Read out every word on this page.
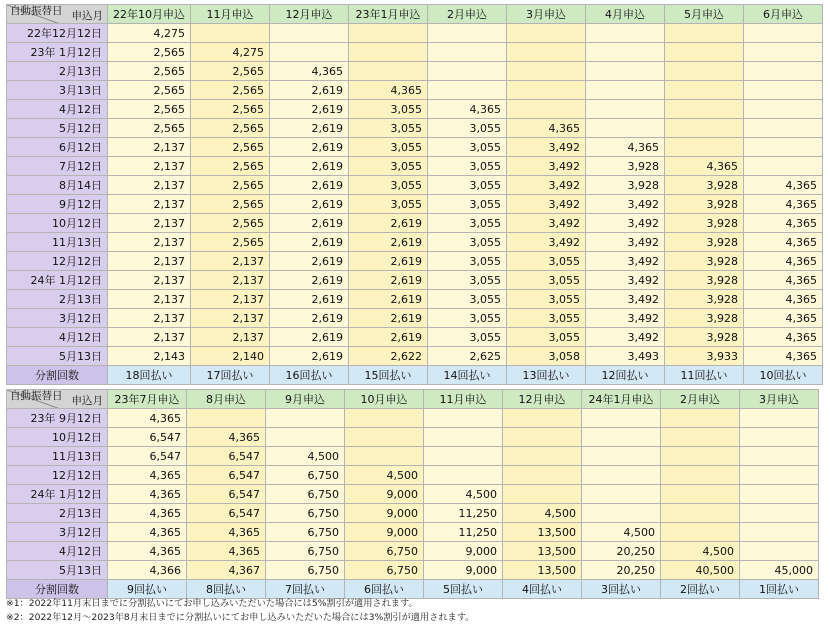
申込月
自動振替日	22年10月申込	11月申込	12月申込	23年1月申込	2月申込	3月申込	4月申込	5月申込	6月申込
22年12月12日	4,275								
23年 1月12日	2,565	4,275							
2月13日	2,565	2,565	4,365						
3月13日	2,565	2,565	2,619	4,365					
4月12日	2,565	2,565	2,619	3,055	4,365				
5月12日	2,565	2,565	2,619	3,055	3,055	4,365			
6月12日	2,137	2,565	2,619	3,055	3,055	3,492	4,365		
7月12日	2,137	2,565	2,619	3,055	3,055	3,492	3,928	4,365	
8月14日	2,137	2,565	2,619	3,055	3,055	3,492	3,928	3,928	4,365
9月12日	2,137	2,565	2,619	3,055	3,055	3,492	3,492	3,928	4,365
10月12日	2,137	2,565	2,619	2,619	3,055	3,492	3,492	3,928	4,365
11月13日	2,137	2,565	2,619	2,619	3,055	3,492	3,492	3,928	4,365
12月12日	2,137	2,137	2,619	2,619	3,055	3,055	3,492	3,928	4,365
24年 1月12日	2,137	2,137	2,619	2,619	3,055	3,055	3,492	3,928	4,365
2月13日	2,137	2,137	2,619	2,619	3,055	3,055	3,492	3,928	4,365
3月12日	2,137	2,137	2,619	2,619	3,055	3,055	3,492	3,928	4,365
4月12日	2,137	2,137	2,619	2,619	3,055	3,055	3,492	3,928	4,365
5月13日	2,143	2,140	2,619	2,622	2,625	3,058	3,493	3,933	4,365
分割回数	18回払い	17回払い	16回払い	15回払い	14回払い	13回払い	12回払い	11回払い	10回払い
申込月
自動振替日	23年7月申込	8月申込	9月申込	10月申込	11月申込	12月申込	24年1月申込	2月申込	3月申込
23年 9月12日	4,365								
10月12日	6,547	4,365							
11月13日	6,547	6,547	4,500						
12月12日	4,365	6,547	6,750	4,500					
24年 1月12日	4,365	6,547	6,750	9,000	4,500				
2月13日	4,365	6,547	6,750	9,000	11,250	4,500			
3月12日	4,365	4,365	6,750	9,000	11,250	13,500	4,500		
4月12日	4,365	4,365	6,750	6,750	9,000	13,500	20,250	4,500	
5月13日	4,366	4,367	6,750	6,750	9,000	13,500	20,250	40,500	45,000
分割回数	9回払い	8回払い	7回払い	6回払い	5回払い	4回払い	3回払い	2回払い	1回払い
※1：2022年11月末日までに分割払いにてお申し込みいただいた場合には5%割引が適用されます。
※2：2022年12月～2023年8月末日までに分割払いにてお申し込みいただいた場合には3%割引が適用されます。
